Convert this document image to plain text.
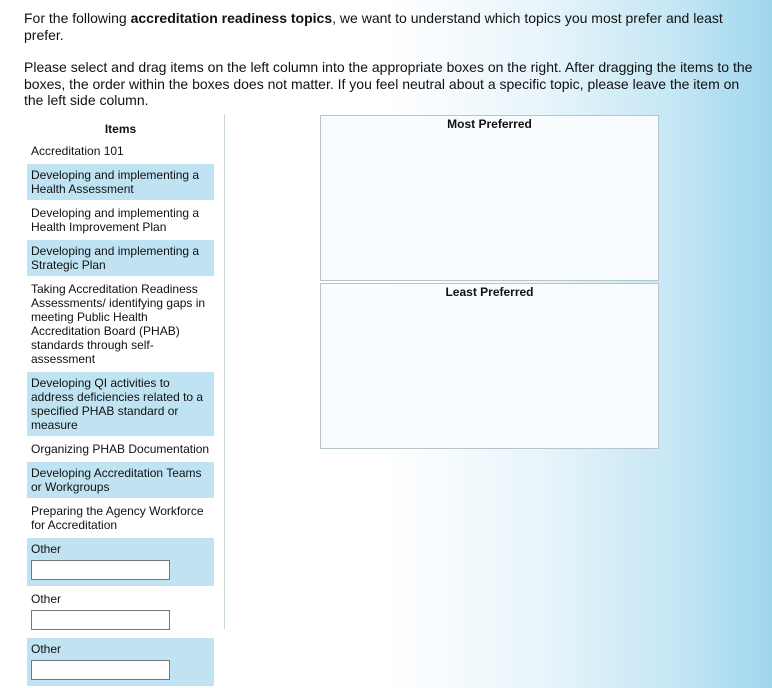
For the following accreditation readiness topics, we want to understand which topics you most prefer and least prefer.

Please select and drag items on the left column into the appropriate boxes on the right. After dragging the items to the boxes, the order within the boxes does not matter. If you feel neutral about a specific topic, please leave the item on the left side column.

Items
Accreditation 101
Developing and implementing a Health Assessment
Developing and implementing a Health Improvement Plan
Developing and implementing a Strategic Plan
Taking Accreditation Readiness Assessments/ identifying gaps in meeting Public Health Accreditation Board (PHAB) standards through self-assessment
Developing QI activities to address deficiencies related to a specified PHAB standard or measure
Organizing PHAB Documentation
Developing Accreditation Teams or Workgroups
Preparing the Agency Workforce for Accreditation
Other
Other
Other
Most Preferred
Least Preferred
